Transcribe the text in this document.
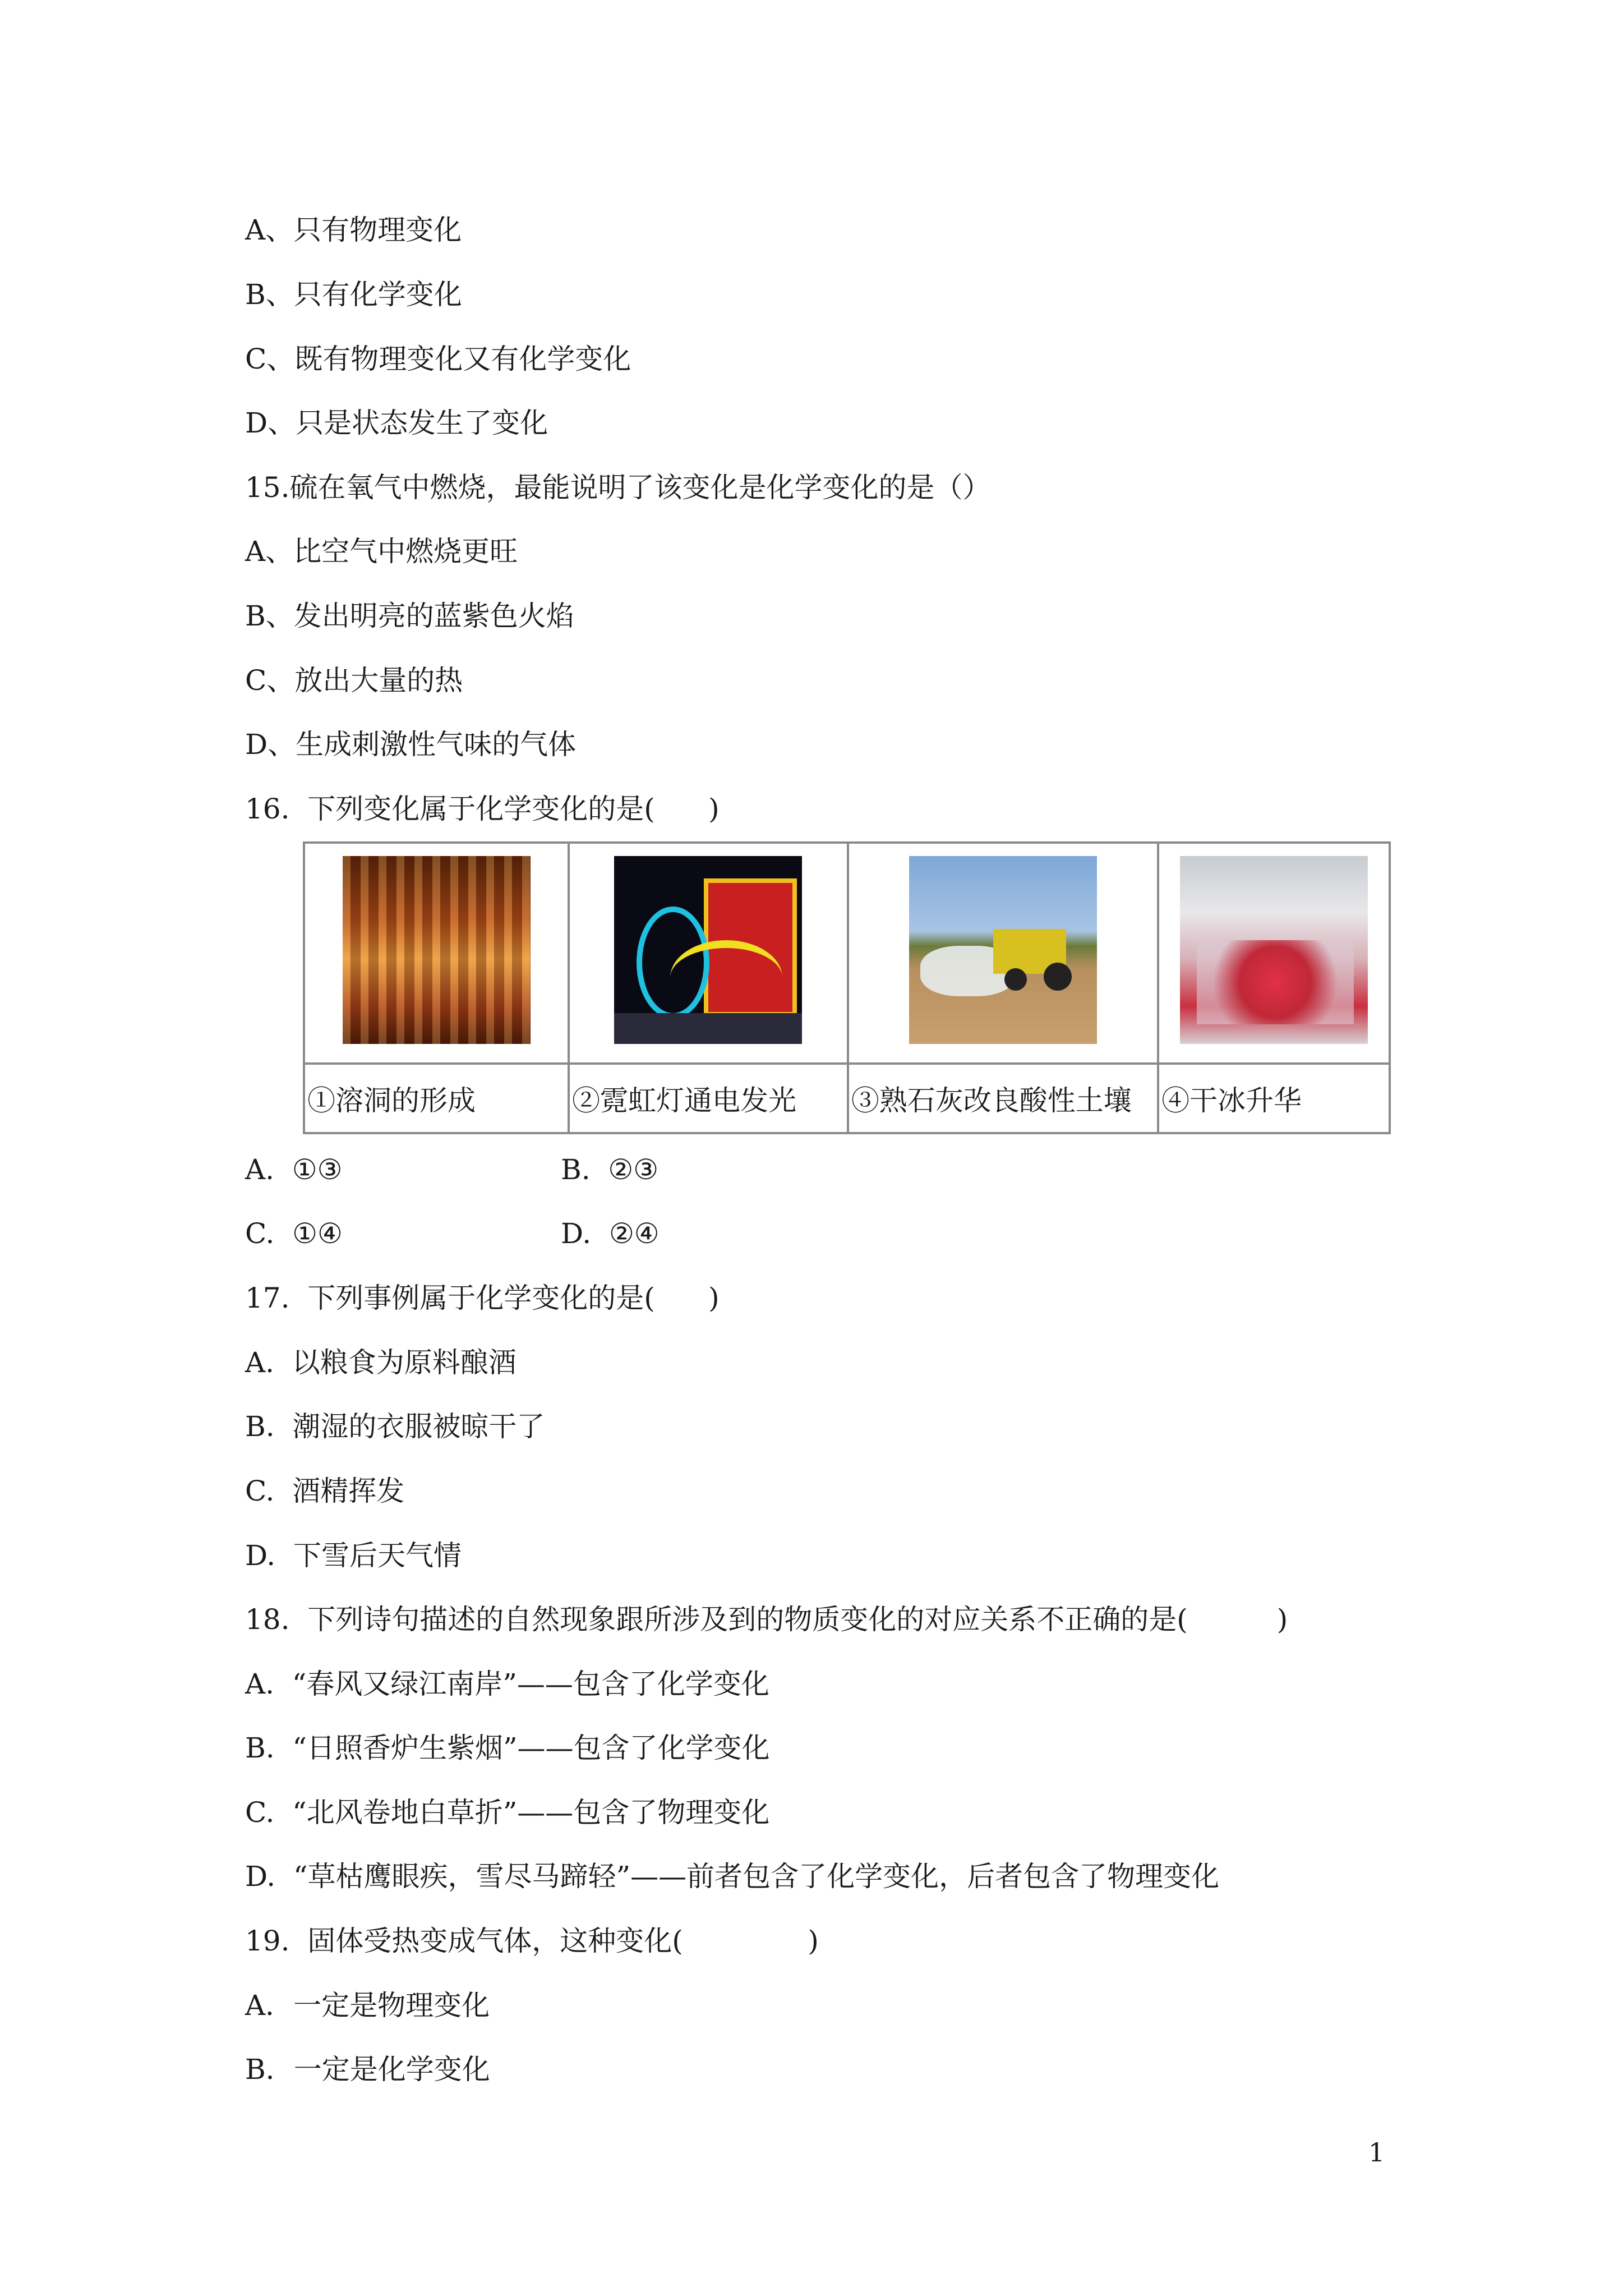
A、只有物理变化
B、只有化学变化
C、既有物理变化又有化学变化
D、只是状态发生了变化
15.硫在氧气中燃烧，最能说明了该变化是化学变化的是（）
A、比空气中燃烧更旺
B、发出明亮的蓝紫色火焰
C、放出大量的热
D、生成刺激性气味的气体
16.  下列变化属于化学变化的是(      )

①溶洞的形成	②霓虹灯通电发光	③熟石灰改良酸性土壤	④干冰升华
A.  ①③	B.  ②③
C.  ①④	D.  ②④
17.  下列事例属于化学变化的是(      )
A.  以粮食为原料酿酒
B.  潮湿的衣服被晾干了
C.  酒精挥发
D.  下雪后天气情
18.  下列诗句描述的自然现象跟所涉及到的物质变化的对应关系不正确的是(          )
A.  “春风又绿江南岸”——包含了化学变化
B.  “日照香炉生紫烟”——包含了化学变化
C.  “北风卷地白草折”——包含了物理变化
D.  “草枯鹰眼疾，雪尽马蹄轻”——前者包含了化学变化，后者包含了物理变化
19.  固体受热变成气体，这种变化(              )
A．一定是物理变化
B．一定是化学变化
1
